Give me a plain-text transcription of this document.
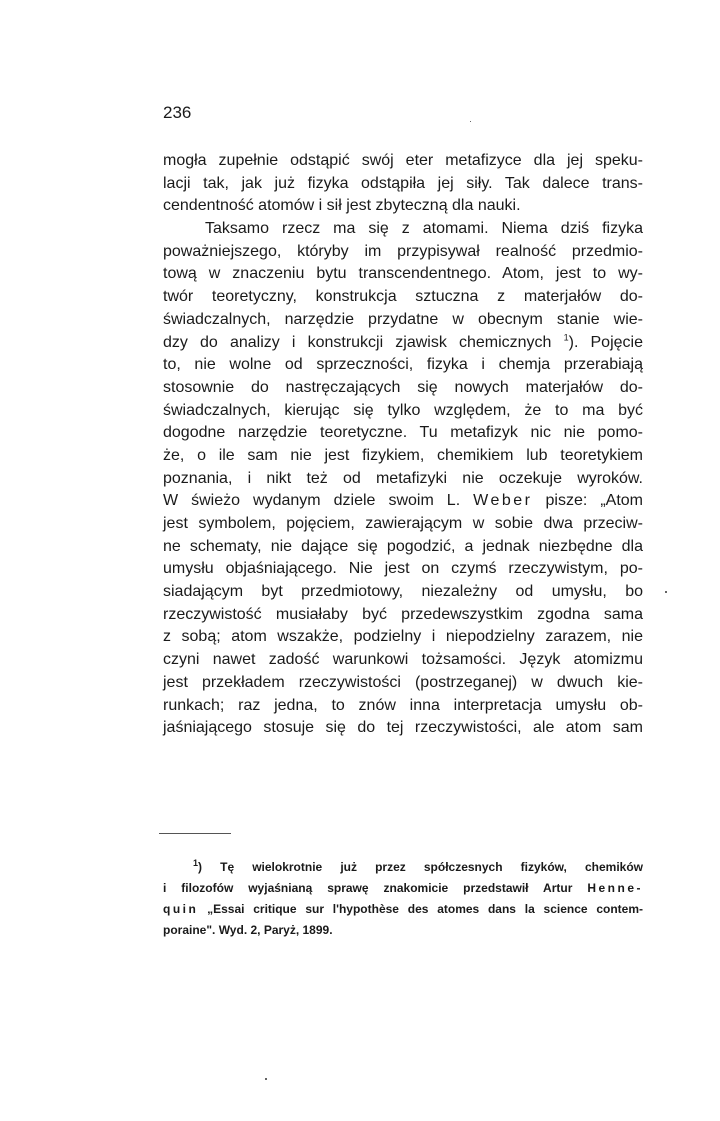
236
mogła zupełnie odstąpić swój eter metafizyce dla jej speku-
lacji tak, jak już fizyka odstąpiła jej siły. Tak dalece trans-
cendentność atomów i sił jest zbyteczną dla nauki.
Taksamo rzecz ma się z atomami. Niema dziś fizyka
poważniejszego, któryby im przypisywał realność przedmio-
tową w znaczeniu bytu transcendentnego. Atom, jest to wy-
twór teoretyczny, konstrukcja sztuczna z materjałów do-
świadczalnych, narzędzie przydatne w obecnym stanie wie-
dzy do analizy i konstrukcji zjawisk chemicznych $^1$). Pojęcie
to, nie wolne od sprzeczności, fizyka i chemja przerabiają
stosownie do nastręczających się nowych materjałów do-
świadczalnych, kierując się tylko względem, że to ma być
dogodne narzędzie teoretyczne. Tu metafizyk nic nie pomo-
że, o ile sam nie jest fizykiem, chemikiem lub teoretykiem
poznania, i nikt też od metafizyki nie oczekuje wyroków.
W świeżo wydanym dziele swoim L. Weber pisze: „Atom
jest symbolem, pojęciem, zawierającym w sobie dwa przeciw-
ne schematy, nie dające się pogodzić, a jednak niezbędne dla
umysłu objaśniającego. Nie jest on czymś rzeczywistym, po-
siadającym byt przedmiotowy, niezależny od umysłu, bo
rzeczywistość musiałaby być przedewszystkim zgodna sama
z sobą; atom wszakże, podzielny i niepodzielny zarazem, nie
czyni nawet zadość warunkowi tożsamości. Język atomizmu
jest przekładem rzeczywistości (postrzeganej) w dwuch kie-
runkach; raz jedna, to znów inna interpretacja umysłu ob-
jaśniającego stosuje się do tej rzeczywistości, ale atom sam
$^1$) Tę wielokrotnie już przez spółczesnych fizyków, chemików
i filozofów wyjaśnianą sprawę znakomicie przedstawił Artur Henne-
quin „Essai critique sur l'hypothèse des atomes dans la science contem-
poraine". Wyd. 2, Paryż, 1899.
